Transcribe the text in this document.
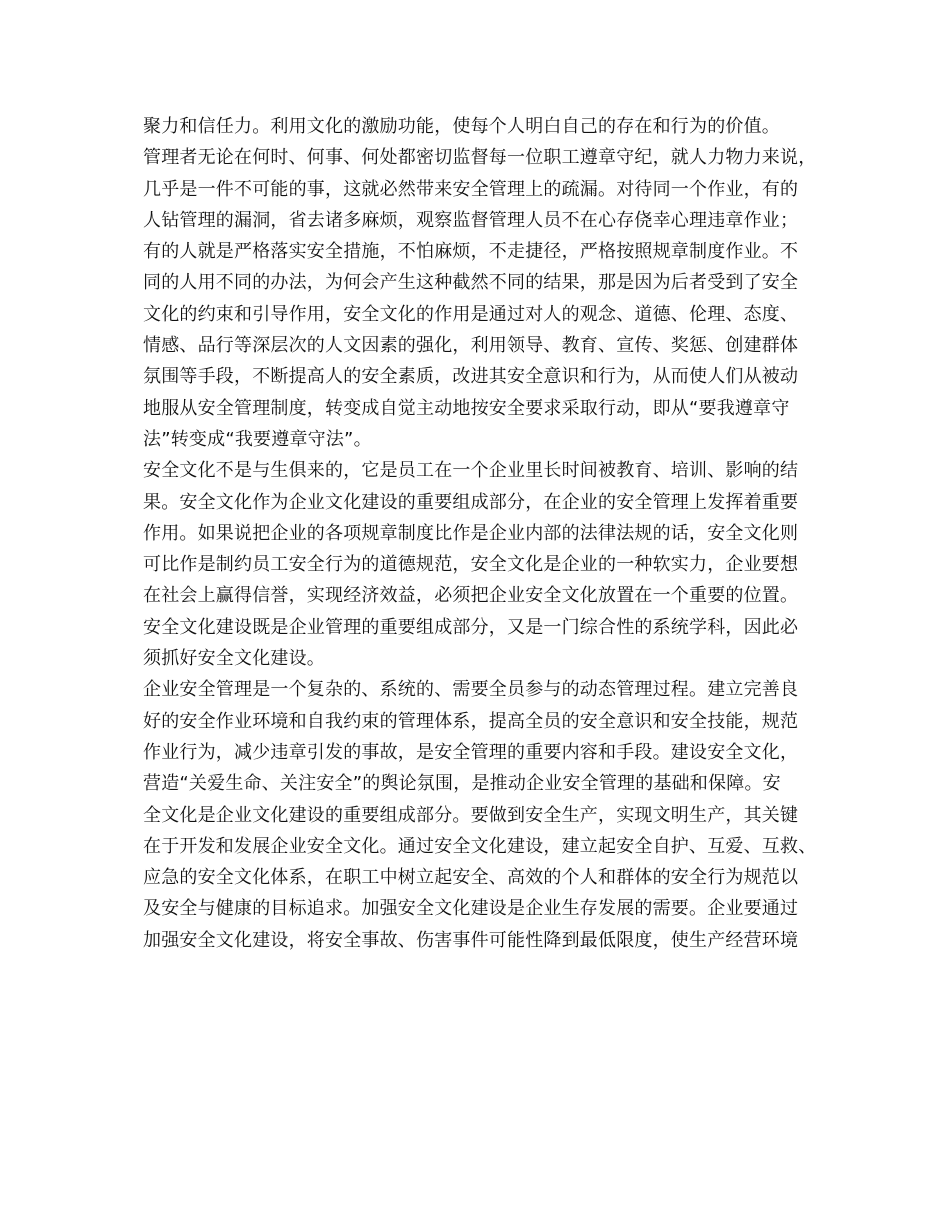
聚力和信任力。利用文化的激励功能，使每个人明白自己的存在和行为的价值。
管理者无论在何时、何事、何处都密切监督每一位职工遵章守纪，就人力物力来说，
几乎是一件不可能的事，这就必然带来安全管理上的疏漏。对待同一个作业，有的
人钻管理的漏洞，省去诸多麻烦，观察监督管理人员不在心存侥幸心理违章作业；
有的人就是严格落实安全措施，不怕麻烦，不走捷径，严格按照规章制度作业。不
同的人用不同的办法，为何会产生这种截然不同的结果，那是因为后者受到了安全
文化的约束和引导作用，安全文化的作用是通过对人的观念、道德、伦理、态度、
情感、品行等深层次的人文因素的强化，利用领导、教育、宣传、奖惩、创建群体
氛围等手段，不断提高人的安全素质，改进其安全意识和行为，从而使人们从被动
地服从安全管理制度，转变成自觉主动地按安全要求采取行动，即从“要我遵章守
法”转变成“我要遵章守法”。
安全文化不是与生俱来的，它是员工在一个企业里长时间被教育、培训、影响的结
果。安全文化作为企业文化建设的重要组成部分，在企业的安全管理上发挥着重要
作用。如果说把企业的各项规章制度比作是企业内部的法律法规的话，安全文化则
可比作是制约员工安全行为的道德规范，安全文化是企业的一种软实力，企业要想
在社会上赢得信誉，实现经济效益，必须把企业安全文化放置在一个重要的位置。
安全文化建设既是企业管理的重要组成部分，又是一门综合性的系统学科，因此必
须抓好安全文化建设。
企业安全管理是一个复杂的、系统的、需要全员参与的动态管理过程。建立完善良
好的安全作业环境和自我约束的管理体系，提高全员的安全意识和安全技能，规范
作业行为，减少违章引发的事故，是安全管理的重要内容和手段。建设安全文化，
营造“关爱生命、关注安全”的舆论氛围，是推动企业安全管理的基础和保障。安
全文化是企业文化建设的重要组成部分。要做到安全生产，实现文明生产，其关键
在于开发和发展企业安全文化。通过安全文化建设，建立起安全自护、互爱、互救、
应急的安全文化体系，在职工中树立起安全、高效的个人和群体的安全行为规范以
及安全与健康的目标追求。加强安全文化建设是企业生存发展的需要。企业要通过
加强安全文化建设，将安全事故、伤害事件可能性降到最低限度，使生产经营环境
